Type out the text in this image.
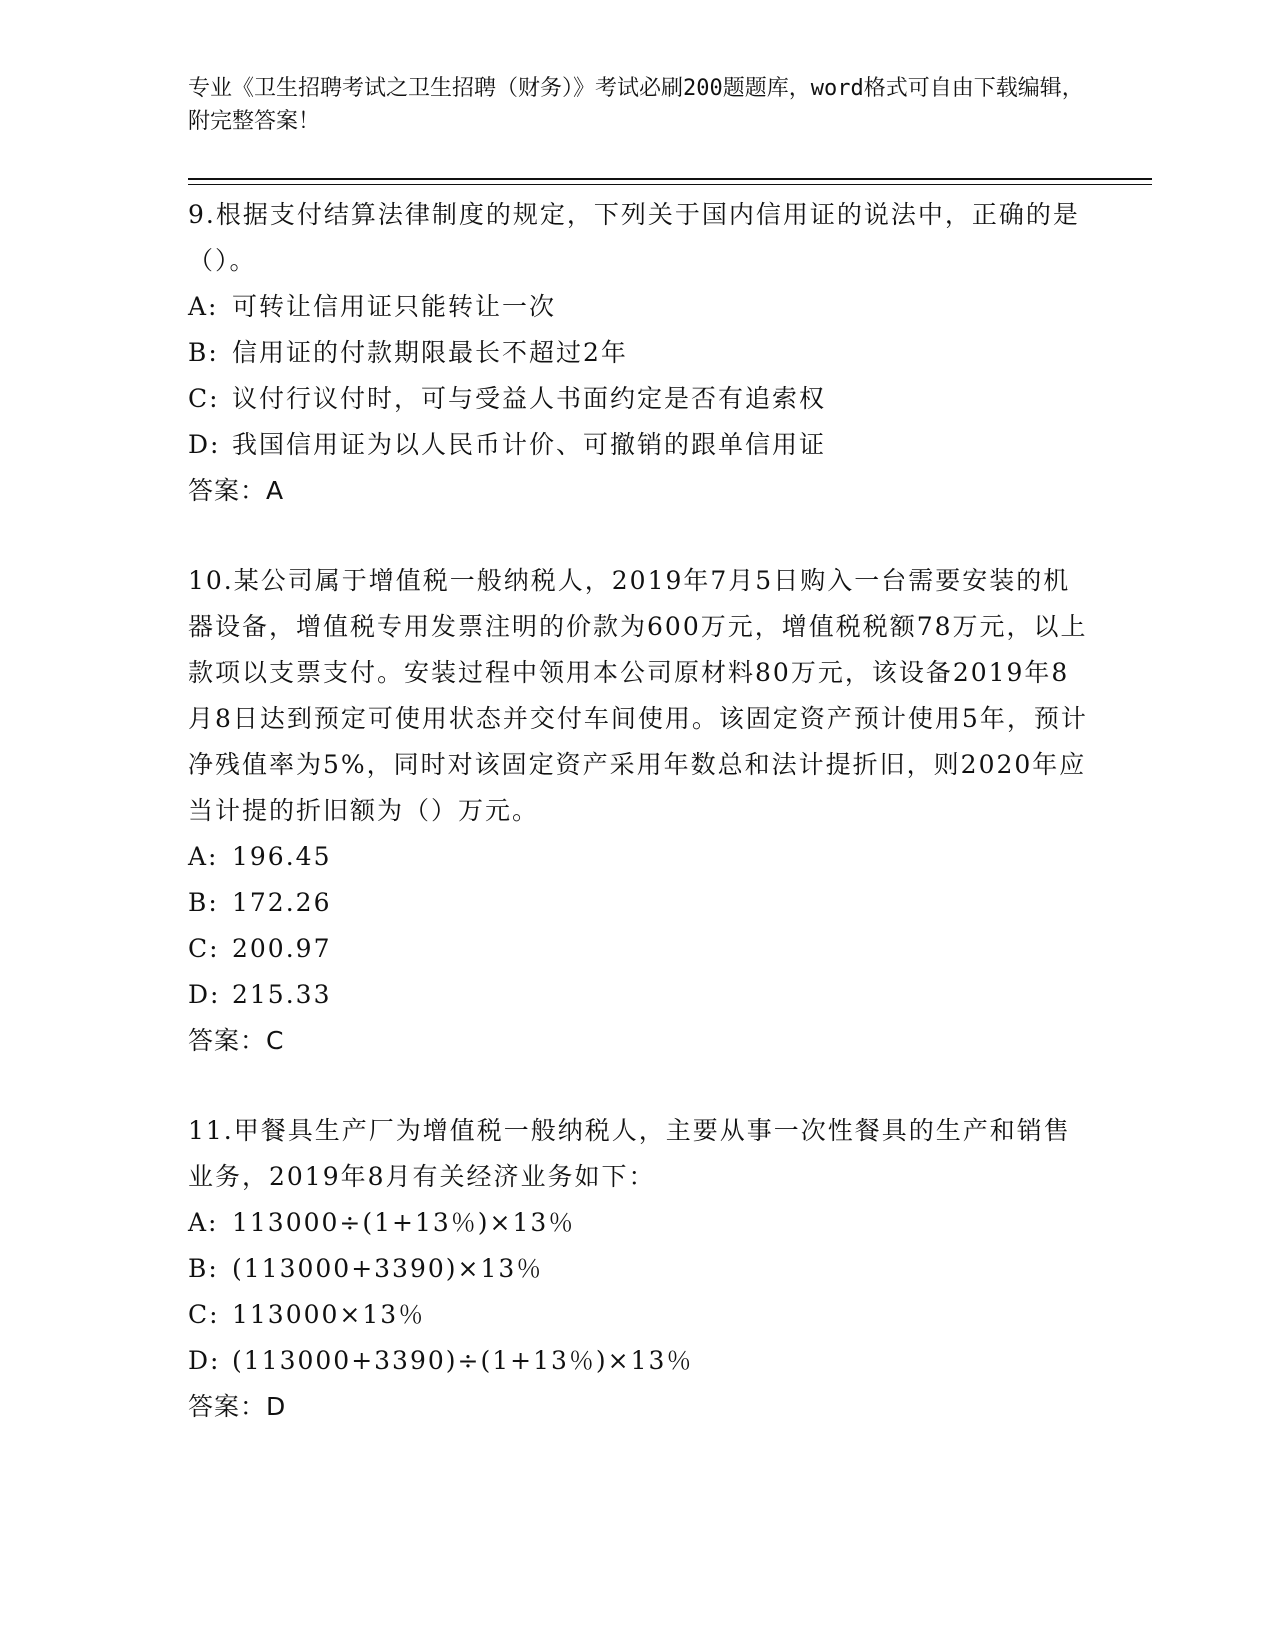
专业《卫生招聘考试之卫生招聘（财务）》考试必刷200题题库，word格式可自由下载编辑，附完整答案！

9.根据支付结算法律制度的规定，下列关于国内信用证的说法中，正确的是（）。

A: 可转让信用证只能转让一次

B: 信用证的付款期限最长不超过2年

C: 议付行议付时，可与受益人书面约定是否有追索权

D: 我国信用证为以人民币计价、可撤销的跟单信用证

答案：A

10.某公司属于增值税一般纳税人，2019年7月5日购入一台需要安装的机器设备，增值税专用发票注明的价款为600万元，增值税税额78万元，以上款项以支票支付。安装过程中领用本公司原材料80万元，该设备2019年8月8日达到预定可使用状态并交付车间使用。该固定资产预计使用5年，预计净残值率为5%，同时对该固定资产采用年数总和法计提折旧，则2020年应当计提的折旧额为（）万元。

A: 196.45

B: 172.26

C: 200.97

D: 215.33

答案：C

11.甲餐具生产厂为增值税一般纳税人，主要从事一次性餐具的生产和销售业务，2019年8月有关经济业务如下：

A: 113000÷(1+13％)×13％

B: (113000+3390)×13％

C: 113000×13％

D: (113000+3390)÷(1+13％)×13％

答案：D
